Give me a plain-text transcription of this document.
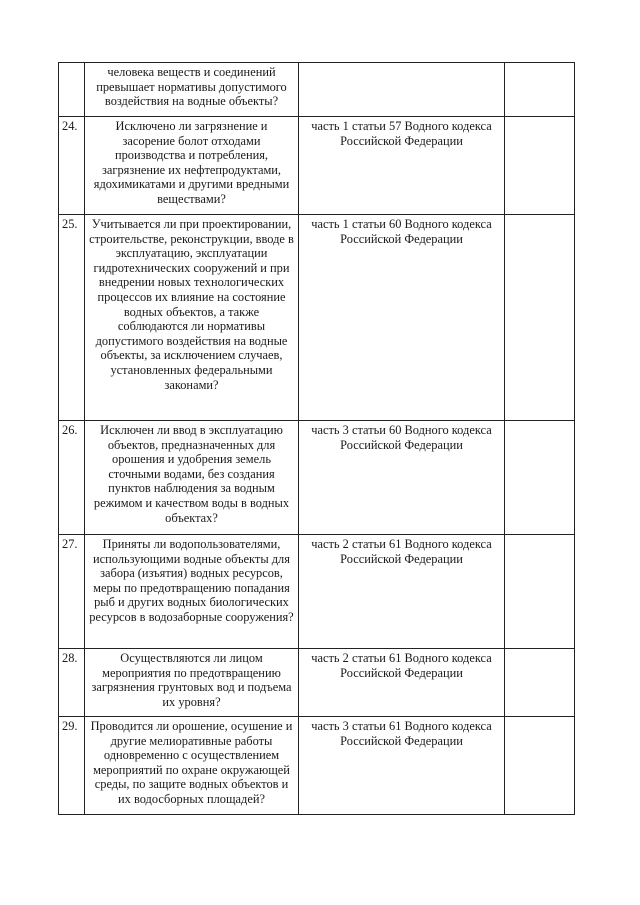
	человека веществ и соединений превышает нормативы допустимого воздействия на водные объекты?		
24.	Исключено ли загрязнение и засорение болот отходами производства и потребления, загрязнение их нефтепродуктами, ядохимикатами и другими вредными веществами?	часть 1 статьи 57 Водного кодекса Российской Федерации	
25.	Учитывается ли при проектировании, строительстве, реконструкции, вводе в эксплуатацию, эксплуатации гидротехнических сооружений и при внедрении новых технологических процессов их влияние на состояние водных объектов, а также соблюдаются ли нормативы допустимого воздействия на водные объекты, за исключением случаев, установленных федеральными законами?	часть 1 статьи 60 Водного кодекса Российской Федерации	
26.	Исключен ли ввод в эксплуатацию объектов, предназначенных для орошения и удобрения земель сточными водами, без создания пунктов наблюдения за водным режимом и качеством воды в водных объектах?	часть 3 статьи 60 Водного кодекса Российской Федерации	
27.	Приняты ли водопользователями, использующими водные объекты для забора (изъятия) водных ресурсов, меры по предотвращению попадания рыб и других водных биологических ресурсов в водозаборные сооружения?	часть 2 статьи 61 Водного кодекса Российской Федерации	
28.	Осуществляются ли лицом мероприятия по предотвращению загрязнения грунтовых вод и подъема их уровня?	часть 2 статьи 61 Водного кодекса Российской Федерации	
29.	Проводится ли орошение, осушение и другие мелиоративные работы одновременно с осуществлением мероприятий по охране окружающей среды, по защите водных объектов и их водосборных площадей?	часть 3 статьи 61 Водного кодекса Российской Федерации	
